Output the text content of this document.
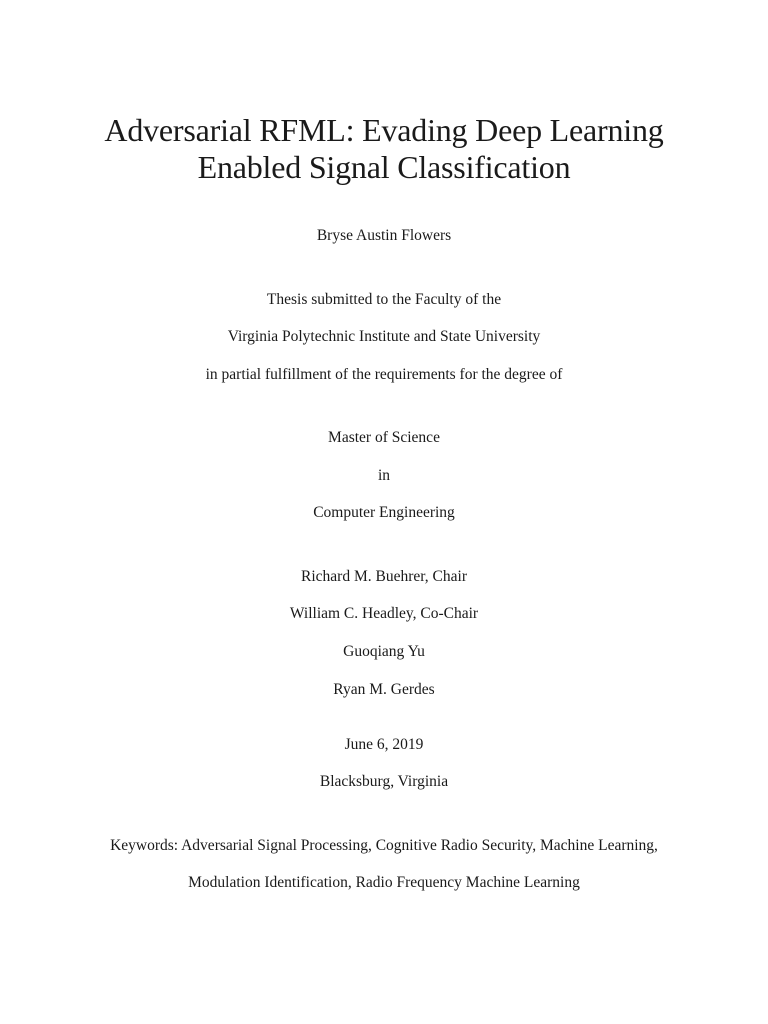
Adversarial RFML: Evading Deep Learning
Enabled Signal Classification
Bryse Austin Flowers
Thesis submitted to the Faculty of the
Virginia Polytechnic Institute and State University
in partial fulfillment of the requirements for the degree of
Master of Science
in
Computer Engineering
Richard M. Buehrer, Chair
William C. Headley, Co-Chair
Guoqiang Yu
Ryan M. Gerdes
June 6, 2019
Blacksburg, Virginia
Keywords: Adversarial Signal Processing, Cognitive Radio Security, Machine Learning,
Modulation Identification, Radio Frequency Machine Learning
